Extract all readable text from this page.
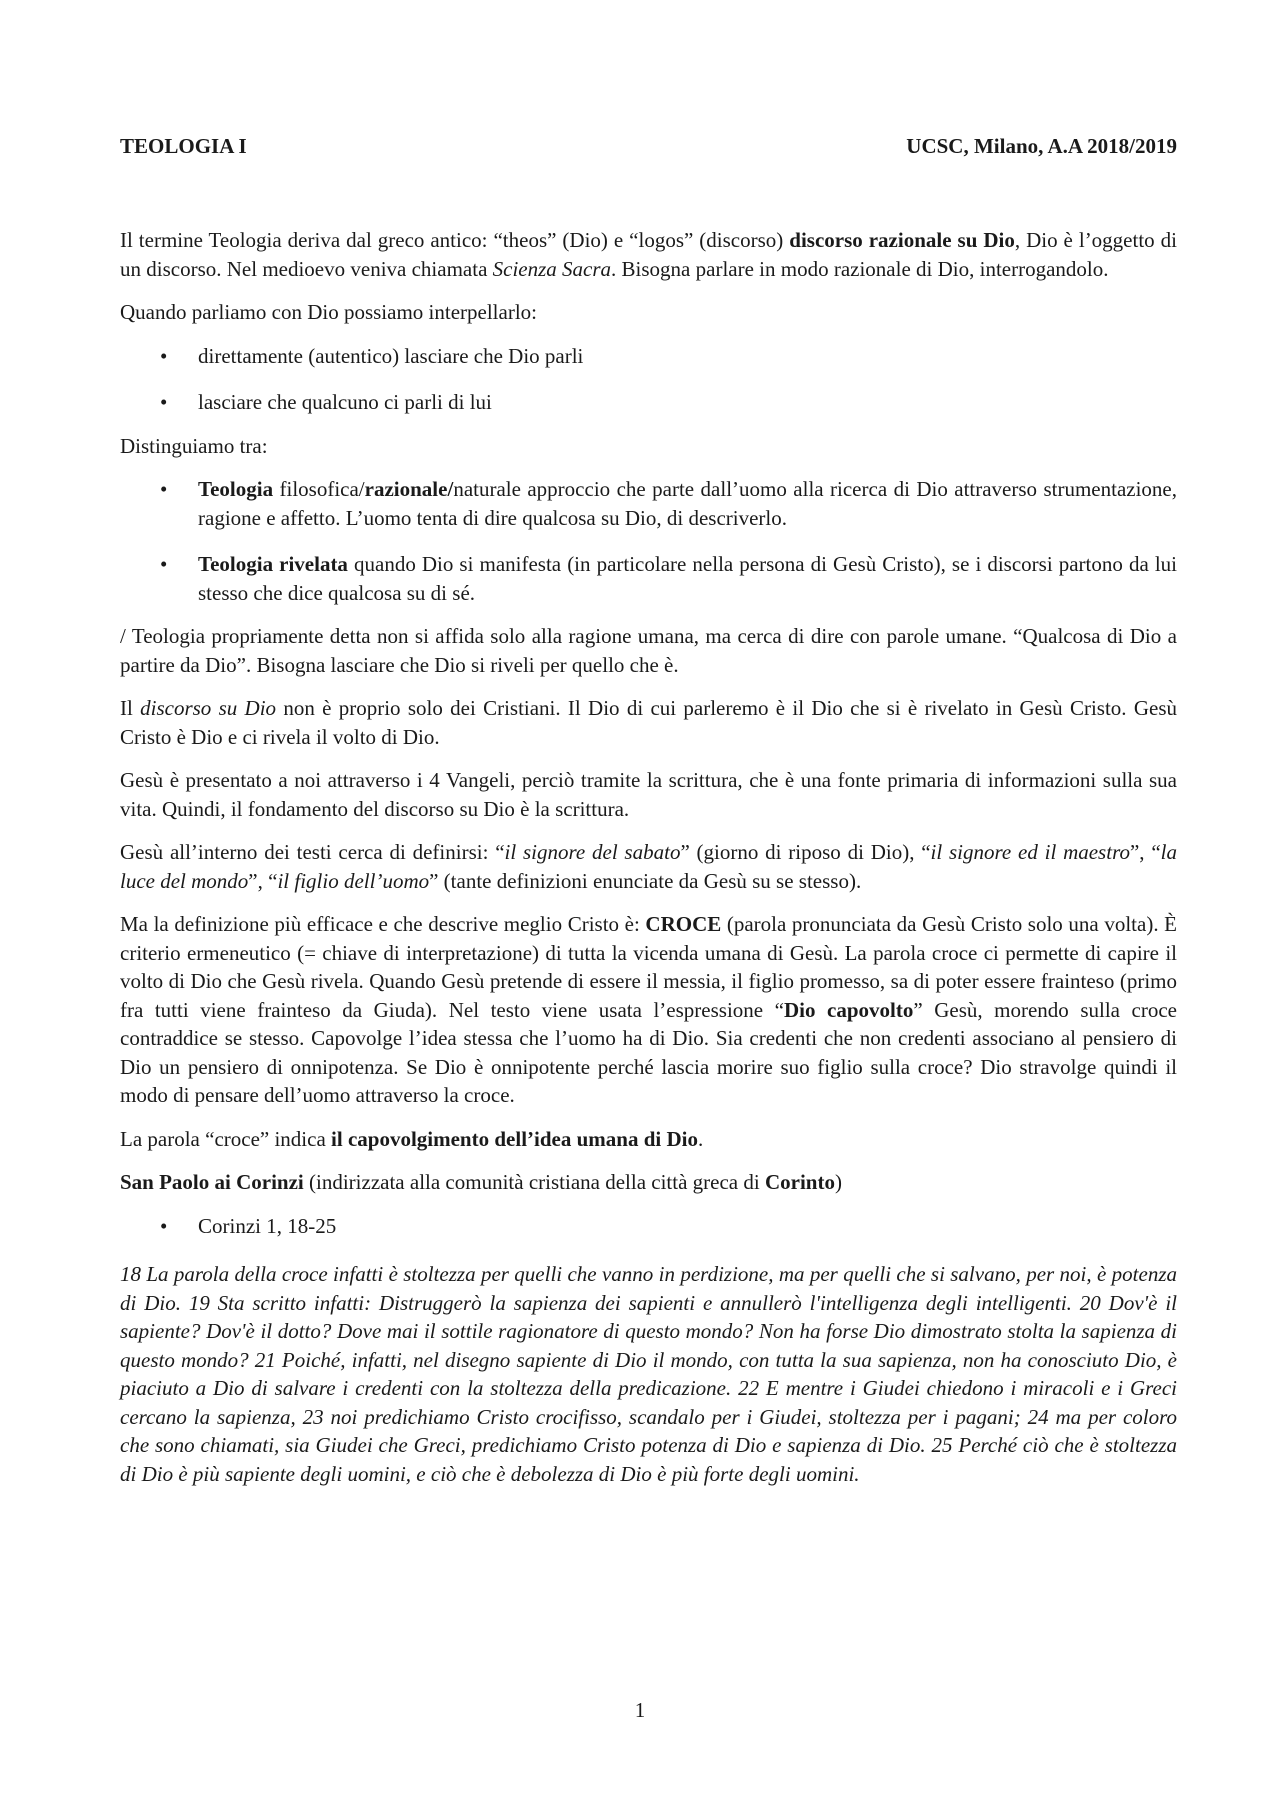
TEOLOGIA I	UCSC, Milano, A.A 2018/2019

Il termine Teologia deriva dal greco antico: “theos” (Dio) e “logos” (discorso) discorso razionale su Dio, Dio è l’oggetto di un discorso. Nel medioevo veniva chiamata Scienza Sacra. Bisogna parlare in modo razionale di Dio, interrogandolo.

Quando parliamo con Dio possiamo interpellarlo:

• direttamente (autentico) lasciare che Dio parli
• lasciare che qualcuno ci parli di lui

Distinguiamo tra:

• Teologia filosofica/razionale/naturale approccio che parte dall’uomo alla ricerca di Dio attraverso strumentazione, ragione e affetto. L’uomo tenta di dire qualcosa su Dio, di descriverlo.
• Teologia rivelata quando Dio si manifesta (in particolare nella persona di Gesù Cristo), se i discorsi partono da lui stesso che dice qualcosa su di sé.

/ Teologia propriamente detta non si affida solo alla ragione umana, ma cerca di dire con parole umane. “Qualcosa di Dio a partire da Dio”. Bisogna lasciare che Dio si riveli per quello che è.

Il discorso su Dio non è proprio solo dei Cristiani. Il Dio di cui parleremo è il Dio che si è rivelato in Gesù Cristo. Gesù Cristo è Dio e ci rivela il volto di Dio.

Gesù è presentato a noi attraverso i 4 Vangeli, perciò tramite la scrittura, che è una fonte primaria di informazioni sulla sua vita. Quindi, il fondamento del discorso su Dio è la scrittura.

Gesù all’interno dei testi cerca di definirsi: “il signore del sabato” (giorno di riposo di Dio), “il signore ed il maestro”, “la luce del mondo”, “il figlio dell’uomo” (tante definizioni enunciate da Gesù su se stesso).

Ma la definizione più efficace e che descrive meglio Cristo è: CROCE (parola pronunciata da Gesù Cristo solo una volta). È criterio ermeneutico (= chiave di interpretazione) di tutta la vicenda umana di Gesù. La parola croce ci permette di capire il volto di Dio che Gesù rivela. Quando Gesù pretende di essere il messia, il figlio promesso, sa di poter essere frainteso (primo fra tutti viene frainteso da Giuda). Nel testo viene usata l’espressione “Dio capovolto” Gesù, morendo sulla croce contraddice se stesso. Capovolge l’idea stessa che l’uomo ha di Dio. Sia credenti che non credenti associano al pensiero di Dio un pensiero di onnipotenza. Se Dio è onnipotente perché lascia morire suo figlio sulla croce? Dio stravolge quindi il modo di pensare dell’uomo attraverso la croce.

La parola “croce” indica il capovolgimento dell’idea umana di Dio.

San Paolo ai Corinzi (indirizzata alla comunità cristiana della città greca di Corinto)

• Corinzi 1, 18-25

18 La parola della croce infatti è stoltezza per quelli che vanno in perdizione, ma per quelli che si salvano, per noi, è potenza di Dio. 19 Sta scritto infatti: Distruggerò la sapienza dei sapienti e annullerò l'intelligenza degli intelligenti. 20 Dov'è il sapiente? Dov'è il dotto? Dove mai il sottile ragionatore di questo mondo? Non ha forse Dio dimostrato stolta la sapienza di questo mondo? 21 Poiché, infatti, nel disegno sapiente di Dio il mondo, con tutta la sua sapienza, non ha conosciuto Dio, è piaciuto a Dio di salvare i credenti con la stoltezza della predicazione. 22 E mentre i Giudei chiedono i miracoli e i Greci cercano la sapienza, 23 noi predichiamo Cristo crocifisso, scandalo per i Giudei, stoltezza per i pagani; 24 ma per coloro che sono chiamati, sia Giudei che Greci, predichiamo Cristo potenza di Dio e sapienza di Dio. 25 Perché ciò che è stoltezza di Dio è più sapiente degli uomini, e ciò che è debolezza di Dio è più forte degli uomini.

1
